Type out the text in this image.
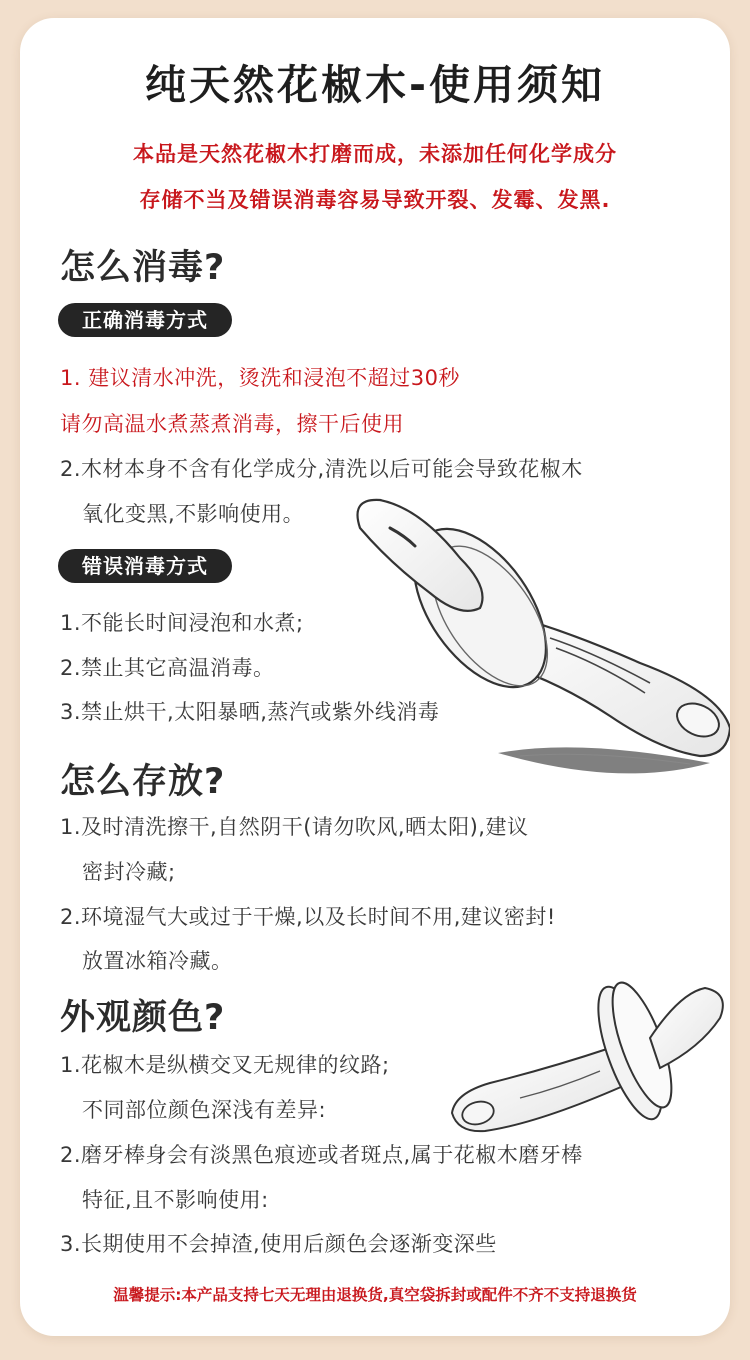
纯天然花椒木-使用须知
本品是天然花椒木打磨而成，未添加任何化学成分
存储不当及错误消毒容易导致开裂、发霉、发黑.
怎么消毒?
正确消毒方式
1. 建议清水冲洗，烫洗和浸泡不超过30秒
请勿高温水煮蒸煮消毒，擦干后使用
2.木材本身不含有化学成分,清洗以后可能会导致花椒木
氧化变黑,不影响使用。
错误消毒方式
1.不能长时间浸泡和水煮;
2.禁止其它高温消毒。
3.禁止烘干,太阳暴晒,蒸汽或紫外线消毒
怎么存放?
1.及时清洗擦干,自然阴干(请勿吹风,晒太阳),建议
密封冷藏;
2.环境湿气大或过于干燥,以及长时间不用,建议密封!
放置冰箱冷藏。
外观颜色?
1.花椒木是纵横交叉无规律的纹路;
不同部位颜色深浅有差异:
2.磨牙棒身会有淡黑色痕迹或者斑点,属于花椒木磨牙棒
特征,且不影响使用:
3.长期使用不会掉渣,使用后颜色会逐渐变深些
温馨提示:本产品支持七天无理由退换货,真空袋拆封或配件不齐不支持退换货
